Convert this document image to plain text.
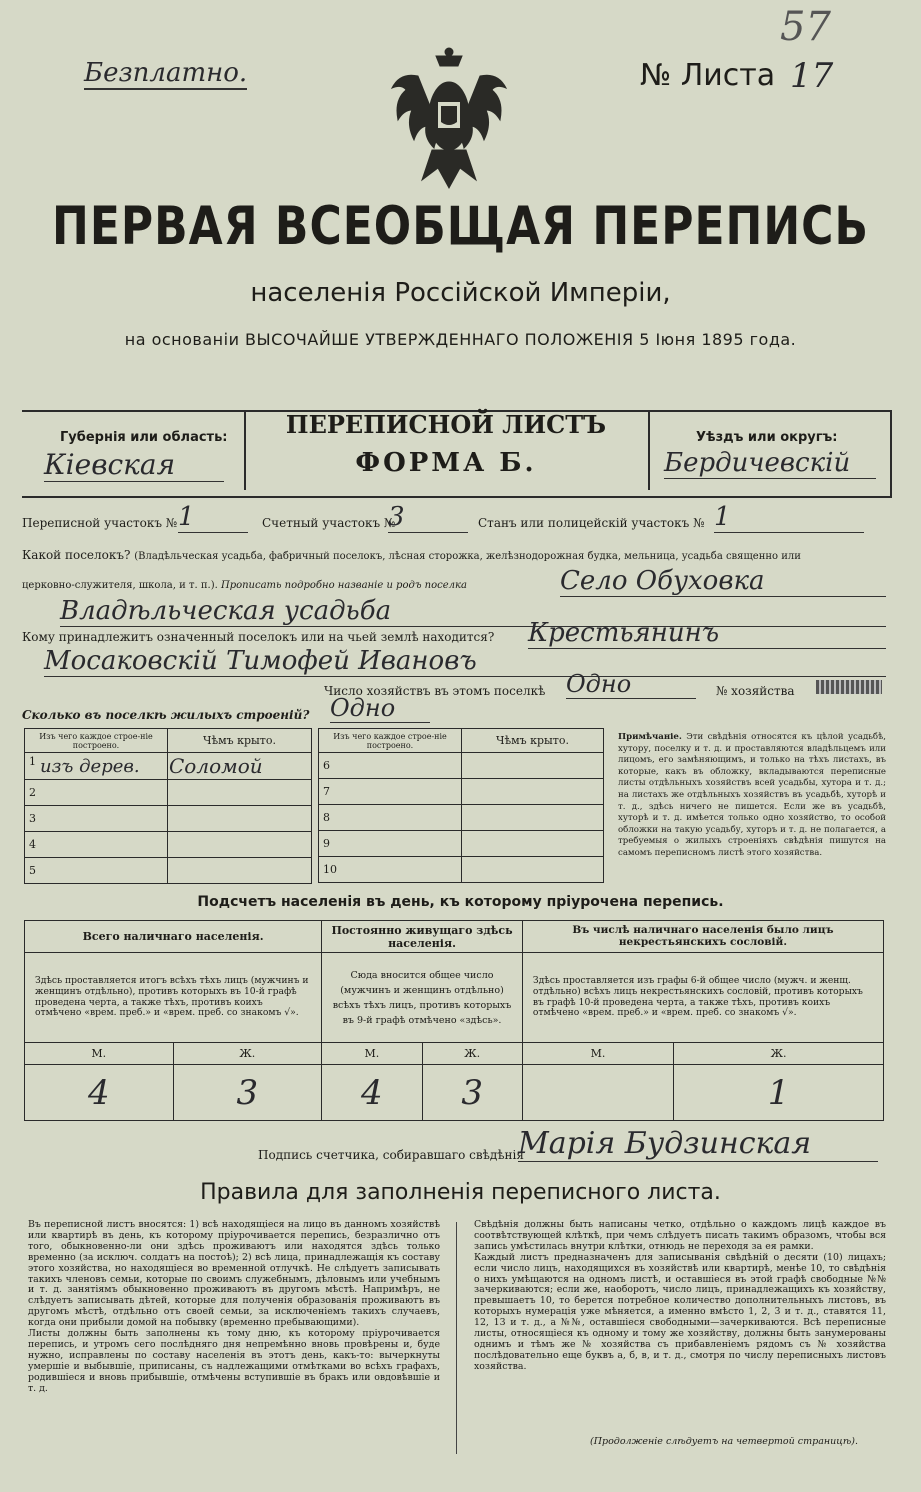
Безплатно.	№ Листа 17
57
ПЕРВАЯ ВСЕОБЩАЯ ПЕРЕПИСЬ
населенія Россійской Имперіи,
на основаніи ВЫСОЧАЙШЕ УТВЕРЖДЕННАГО ПОЛОЖЕНІЯ 5 Іюня 1895 года.
Губернія или область:
Кіевская
ПЕРЕПИСНОЙ ЛИСТЪ
ФОРМА Б.
Уѣздъ или округъ:
Бердичевскій
Переписной участокъ № 1	Счетный участокъ №
3	Станъ или полицейскій участокъ № 1
Какой поселокъ? (Владѣльческая усадьба, фабричный поселокъ, лѣсная сторожка, желѣзнодорожная будка, мельница, усадьба священно или
церковно-служителя, школа, и т. п.). Прописать подробно названіе и родъ поселка	Село Обуховка
Владѣльческая усадьба
Кому принадлежитъ означенный поселокъ или на чьей землѣ находится? Крестьянинъ
Мосаковскій Тимофей Ивановъ
Число хозяйствъ въ этомъ поселкѣ Одно	№ хозяйства
Сколько въ поселкѣ жилыхъ строеній? Одно
Изъ чего каждое строе-ніе построено.	Чѣмъ крыто.

1 изъ дерев.	Соломой
2	
3	
4	
5	
Изъ чего каждое строе-ніе построено.	Чѣмъ крыто.
6	
7	
8	
9	
10	
Примѣчаніе. Эти свѣдѣнія относятся къ цѣлой усадьбѣ, хутору, поселку и т. д. и проставляются владѣльцемъ или лицомъ, его замѣняющимъ, и только на тѣхъ листахъ, въ которые, какъ въ обложку, вкладываются переписные листы отдѣльныхъ хозяйствъ всей усадьбы, хутора и т. д.; на листахъ же отдѣльныхъ хозяйствъ въ усадьбѣ, хуторѣ и т. д., здѣсь ничего не пишется. Если же въ усадьбѣ, хуторѣ и т. д. имѣется только одно хозяйство, то особой обложки на такую усадьбу, хуторъ и т. д. не полагается, а требуемыя о жилыхъ строеніяхъ свѣдѣнія пишутся на самомъ переписномъ листѣ этого хозяйства.
Подсчетъ населенія въ день, къ которому пріурочена перепись.
Всего наличнаго населенія.		Постоянно живущаго здѣсь населенія.		Въ числѣ наличнаго населенія было лицъ некрестьянскихъ сословій.	
Здѣсь проставляется итогъ всѣхъ тѣхъ лицъ (мужчинъ и женщинъ отдѣльно), противъ которыхъ въ 10-й графѣ проведена черта, а также тѣхъ, противъ коихъ отмѣчено «врем. преб.» и «врем. преб. со знакомъ √».		Сюда вносится общее число (мужчинъ и женщинъ отдѣльно) всѣхъ тѣхъ лицъ, противъ которыхъ въ 9-й графѣ отмѣчено «здѣсь».		Здѣсь проставляется изъ графы 6-й общее число (мужч. и женщ. отдѣльно) всѣхъ лицъ некрестьянскихъ сословій, противъ которыхъ въ графѣ 10-й проведена черта, а также тѣхъ, противъ коихъ отмѣчено «врем. преб.» и «врем. преб. со знакомъ √».	
М.	Ж.	М.	Ж.	М.	Ж.
4	3	4	3		1
Подпись счетчика, собиравшаго свѣдѣнія
Марія Будзинская
Правила для заполненія переписного листа.
Въ переписной листъ вносятся: 1) всѣ находящіеся на лицо въ данномъ хозяйствѣ или квартирѣ въ день, къ которому пріурочивается перепись, безразлично отъ того, обыкновенно-ли они здѣсь проживаютъ или находятся здѣсь только временно (за исключ. солдатъ на постоѣ); 2) всѣ лица, принадлежащія къ составу этого хозяйства, но находящіеся во временной отлучкѣ. Не слѣдуетъ записывать такихъ членовъ семьи, которые по своимъ служебнымъ, дѣловымъ или учебнымъ и т. д. занятіямъ обыкновенно проживаютъ въ другомъ мѣстѣ. Напримѣръ, не слѣдуетъ записывать дѣтей, которые для полученія образованія проживаютъ въ другомъ мѣстѣ, отдѣльно отъ своей семьи, за исключеніемъ такихъ случаевъ, когда они прибыли домой на побывку (временно пребывающими).
Листы должны быть заполнены къ тому дню, къ которому пріурочивается перепись, и утромъ сего послѣдняго дня непремѣнно вновь провѣрены и, буде нужно, исправлены по составу населенія въ этотъ день, какъ-то: вычеркнуты умершіе и выбывшіе, приписаны, съ надлежащими отмѣтками во всѣхъ графахъ, родившіеся и вновь прибывшіе, отмѣчены вступившіе въ бракъ или овдовѣвшіе и т. д.
Свѣдѣнія должны быть написаны четко, отдѣльно о каждомъ лицѣ каждое въ соотвѣтствующей клѣткѣ, при чемъ слѣдуетъ писать такимъ образомъ, чтобы вся запись умѣстилась внутри клѣтки, отнюдь не переходя за ея рамки.
Каждый листъ предназначенъ для записыванія свѣдѣній о десяти (10) лицахъ; если число лицъ, находящихся въ хозяйствѣ или квартирѣ, менѣе 10, то свѣдѣнія о нихъ умѣщаются на одномъ листѣ, и оставшіеся въ этой графѣ свободные №№ зачеркиваются; если же, наоборотъ, число лицъ, принадлежащихъ къ хозяйству, превышаетъ 10, то берется потребное количество дополнительныхъ листовъ, въ которыхъ нумерація уже мѣняется, а именно вмѣсто 1, 2, 3 и т. д., ставятся 11, 12, 13 и т. д., а №№, оставшіеся свободными—зачеркиваются. Всѣ переписные листы, относящіеся къ одному и тому же хозяйству, должны быть занумерованы однимъ и тѣмъ же № хозяйства съ прибавленіемъ рядомъ съ № хозяйства послѣдовательно еще буквъ а, б, в, и т. д., смотря по числу переписныхъ листовъ хозяйства.
(Продолженіе слѣдуетъ на четвертой страницѣ).
